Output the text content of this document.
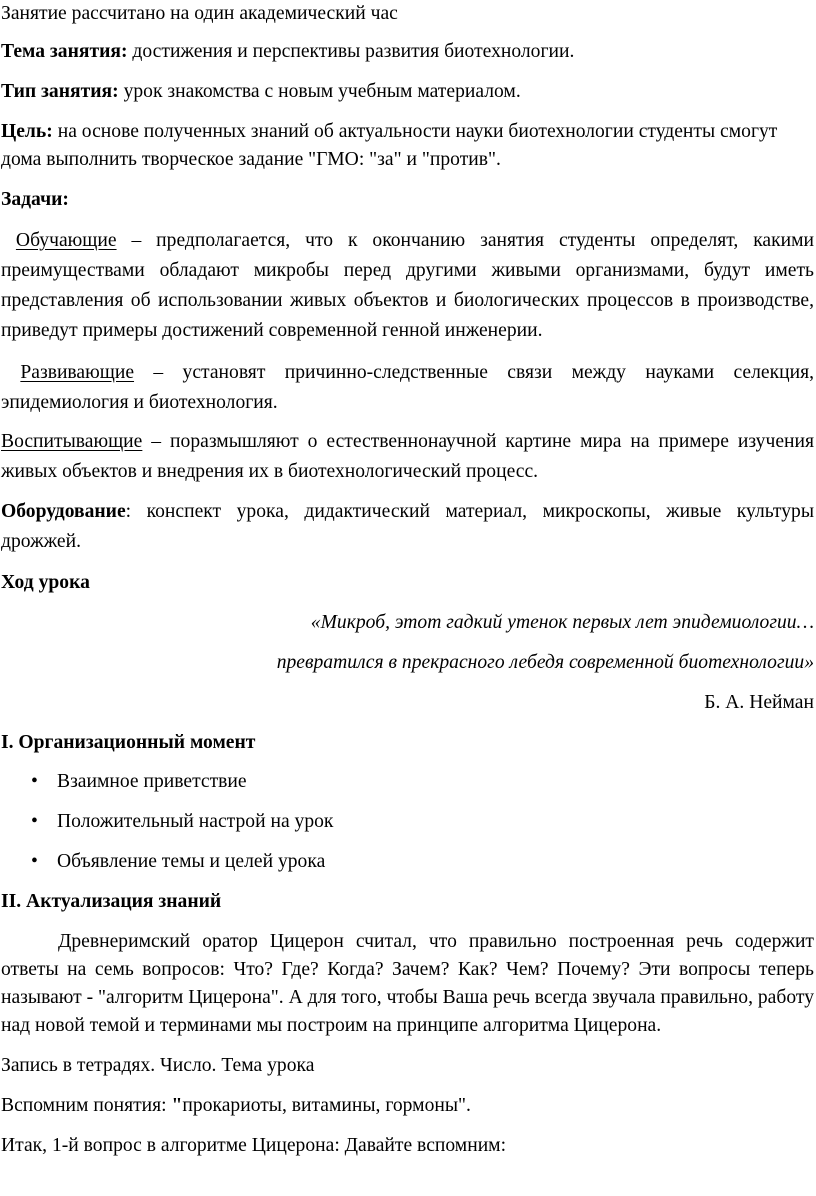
Занятие рассчитано на один академический час

Тема занятия: достижения и перспективы развития биотехнологии.

Тип занятия: урок знакомства с новым учебным материалом.

Цель: на основе полученных знаний об актуальности науки биотехнологии студенты смогут дома выполнить творческое задание "ГМО: "за" и "против".

Задачи:

Обучающие – предполагается, что к окончанию занятия студенты определят, какими преимуществами обладают микробы перед другими живыми организмами, будут иметь представления об использовании живых объектов и биологических процессов в производстве, приведут примеры достижений современной генной инженерии.

Развивающие – установят причинно-следственные связи между науками селекция, эпидемиология и биотехнология.

Воспитывающие – поразмышляют о естественнонаучной картине мира на примере изучения живых объектов и внедрения их в биотехнологический процесс.

Оборудование: конспект урока, дидактический материал, микроскопы, живые культуры дрожжей.

Ход урока

«Микроб, этот гадкий утенок первых лет эпидемиологии…

превратился в прекрасного лебедя современной биотехнологии»

Б. А. Нейман

I. Организационный момент

• Взаимное приветствие
• Положительный настрой на урок
• Объявление темы и целей урока

II. Актуализация знаний

Древнеримский оратор Цицерон считал, что правильно построенная речь содержит ответы на семь вопросов: Что? Где? Когда? Зачем? Как? Чем? Почему? Эти вопросы теперь называют - "алгоритм Цицерона". А для того, чтобы Ваша речь всегда звучала правильно, работу над новой темой и терминами мы построим на принципе алгоритма Цицерона.

Запись в тетрадях. Число. Тема урока

Вспомним понятия: "прокариоты, витамины, гормоны".

Итак, 1-й вопрос в алгоритме Цицерона: Давайте вспомним:
